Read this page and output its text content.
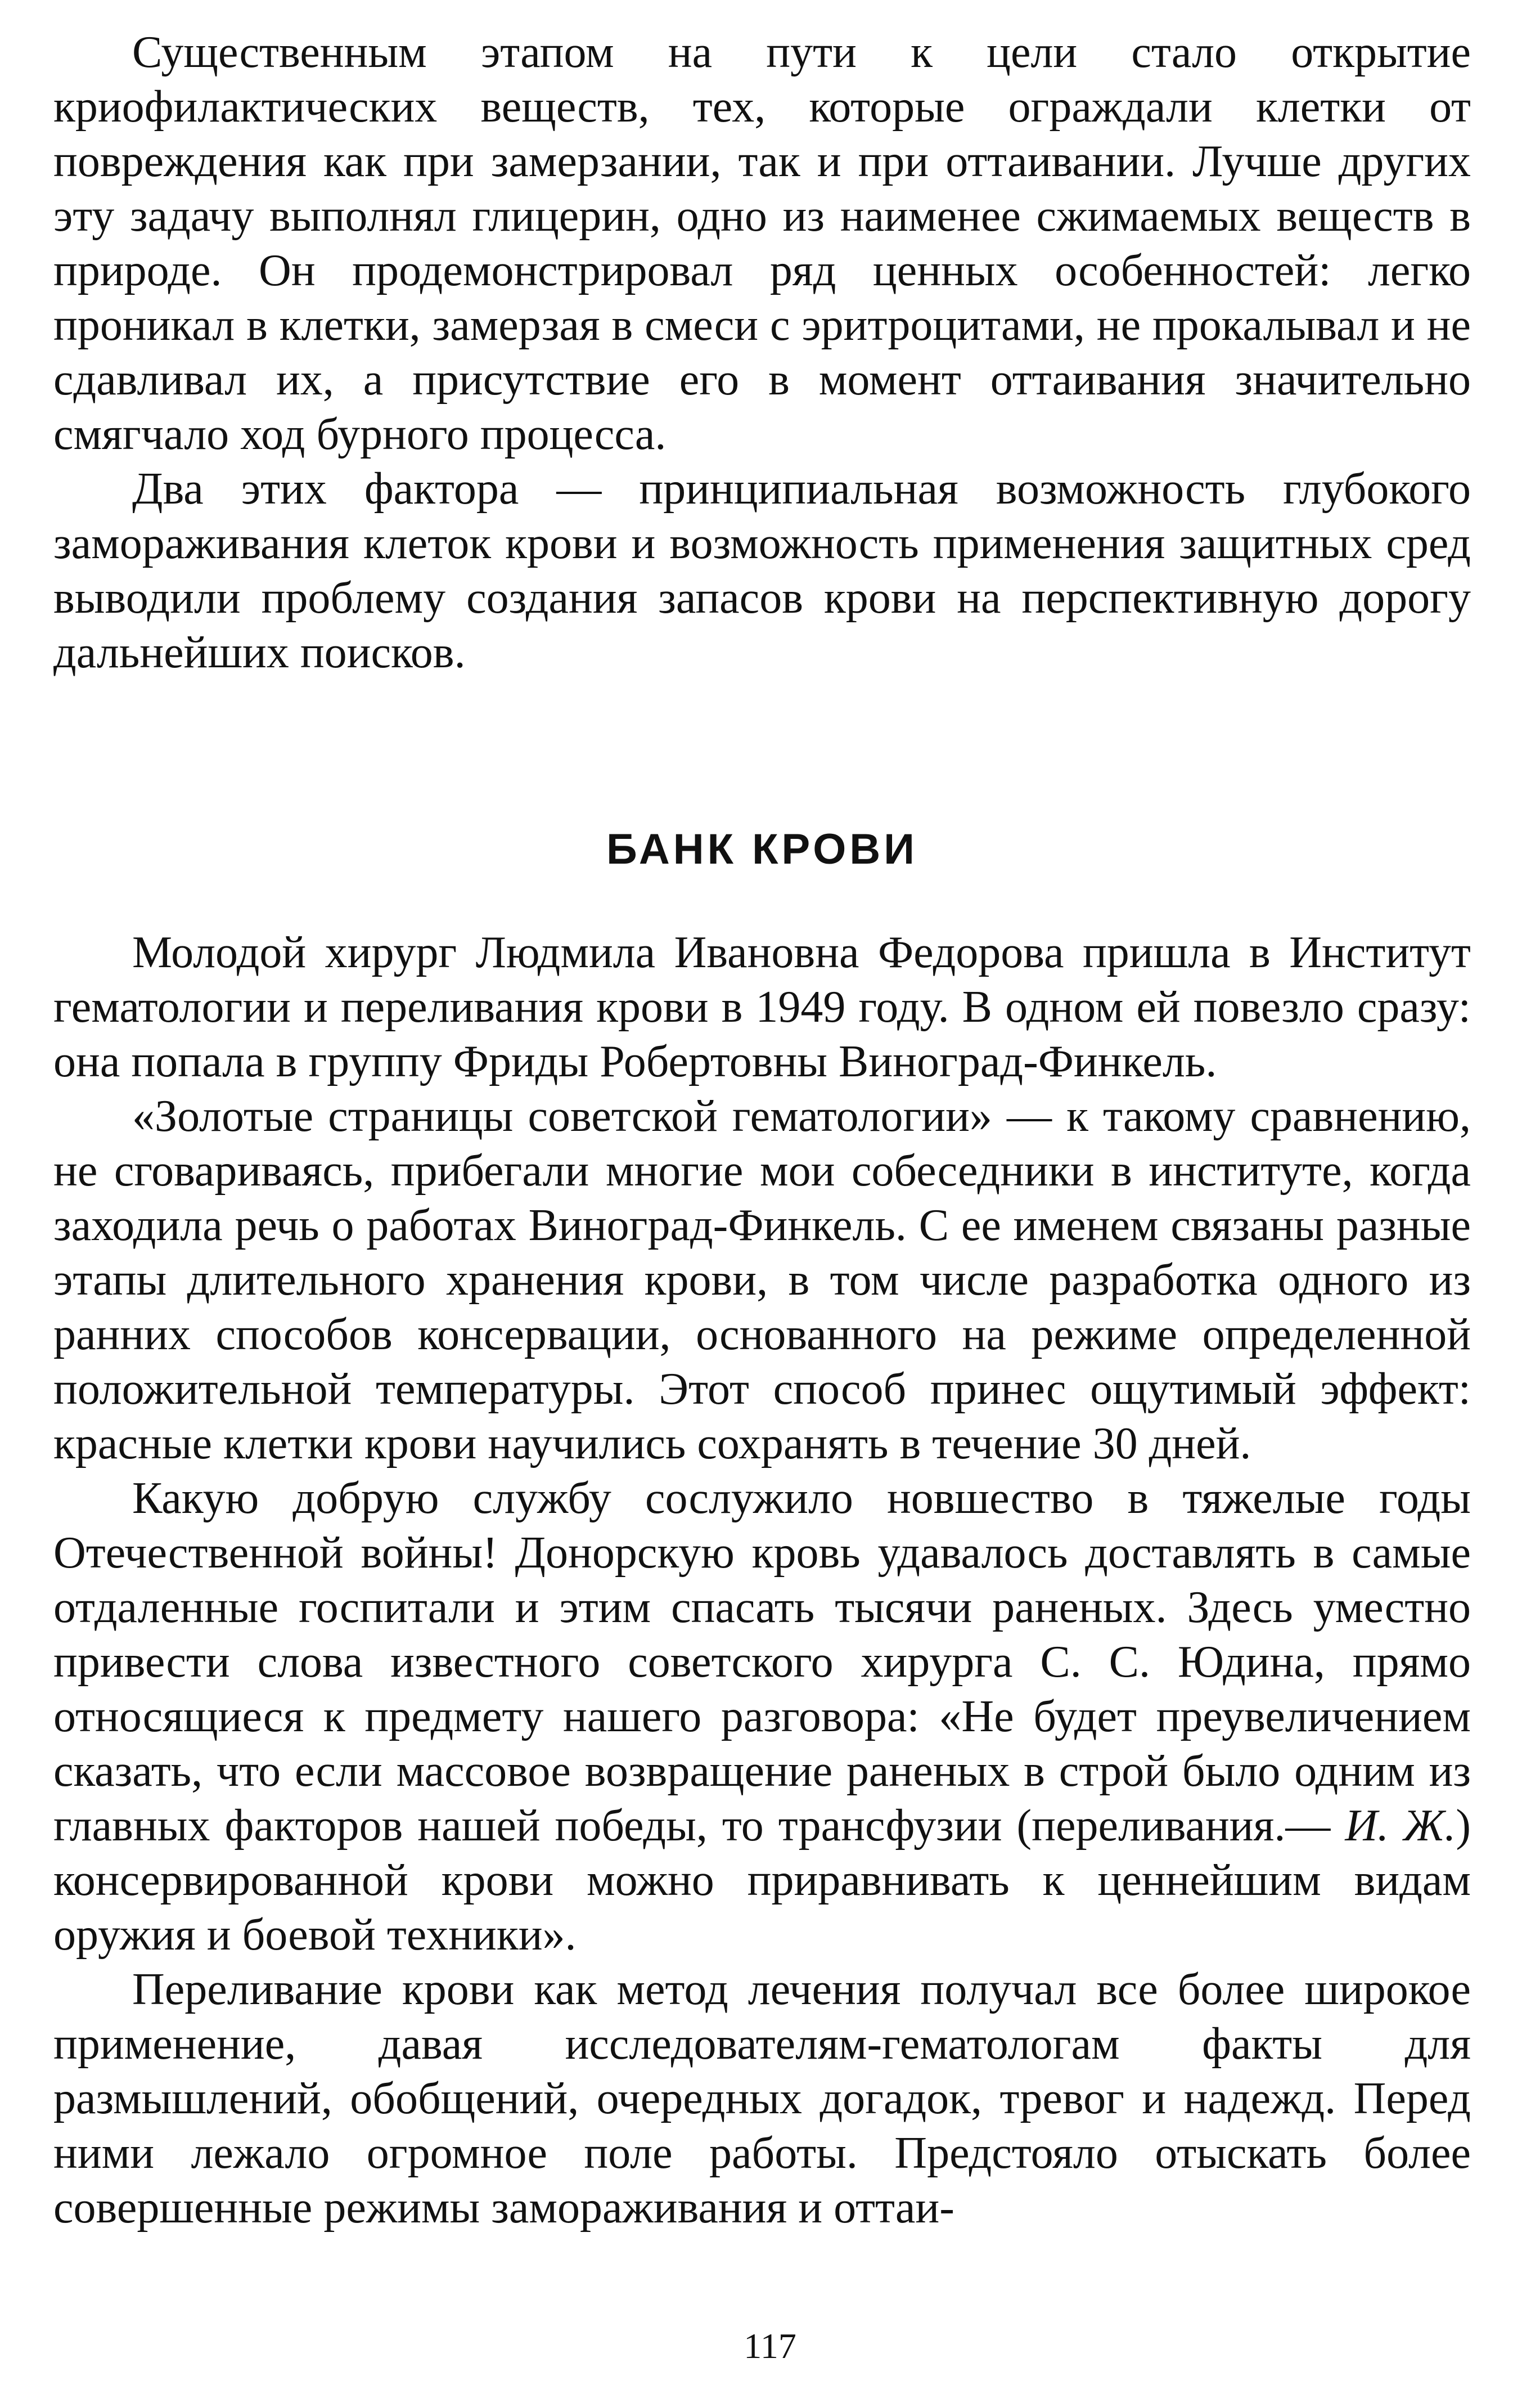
Существенным этапом на пути к цели стало открытие криофилактических веществ, тех, которые ограждали клетки от повреждения как при замерзании, так и при оттаивании. Лучше других эту задачу выполнял глицерин, одно из наименее сжимаемых веществ в природе. Он продемонстрировал ряд ценных особенностей: легко проникал в клетки, замерзая в смеси с эритроцитами, не прокалывал и не сдавливал их, а присутствие его в момент оттаивания значительно смягчало ход бурного процесса.

Два этих фактора — принципиальная возможность глубокого замораживания клеток крови и возможность применения защитных сред выводили проблему создания запасов крови на перспективную дорогу дальнейших поисков.

БАНК КРОВИ

Молодой хирург Людмила Ивановна Федорова пришла в Институт гематологии и переливания крови в 1949 году. В одном ей повезло сразу: она попала в группу Фриды Робертовны Виноград-Финкель.

«Золотые страницы советской гематологии» — к такому сравнению, не сговариваясь, прибегали многие мои собеседники в институте, когда заходила речь о работах Виноград-Финкель. С ее именем связаны разные этапы длительного хранения крови, в том числе разработка одного из ранних способов консервации, основанного на режиме определенной положительной температуры. Этот способ принес ощутимый эффект: красные клетки крови научились сохранять в течение 30 дней.

Какую добрую службу сослужило новшество в тяжелые годы Отечественной войны! Донорскую кровь удавалось доставлять в самые отдаленные госпитали и этим спасать тысячи раненых. Здесь уместно привести слова известного советского хирурга С. С. Юдина, прямо относящиеся к предмету нашего разговора: «Не будет преувеличением сказать, что если массовое возвращение раненых в строй было одним из главных факторов нашей победы, то трансфузии (переливания.— И. Ж.) консервированной крови можно приравнивать к ценнейшим видам оружия и боевой техники».

Переливание крови как метод лечения получал все более широкое применение, давая исследователям-гематологам факты для размышлений, обобщений, очередных догадок, тревог и надежд. Перед ними лежало огромное поле работы. Предстояло отыскать более совершенные режимы замораживания и оттаи-

117
